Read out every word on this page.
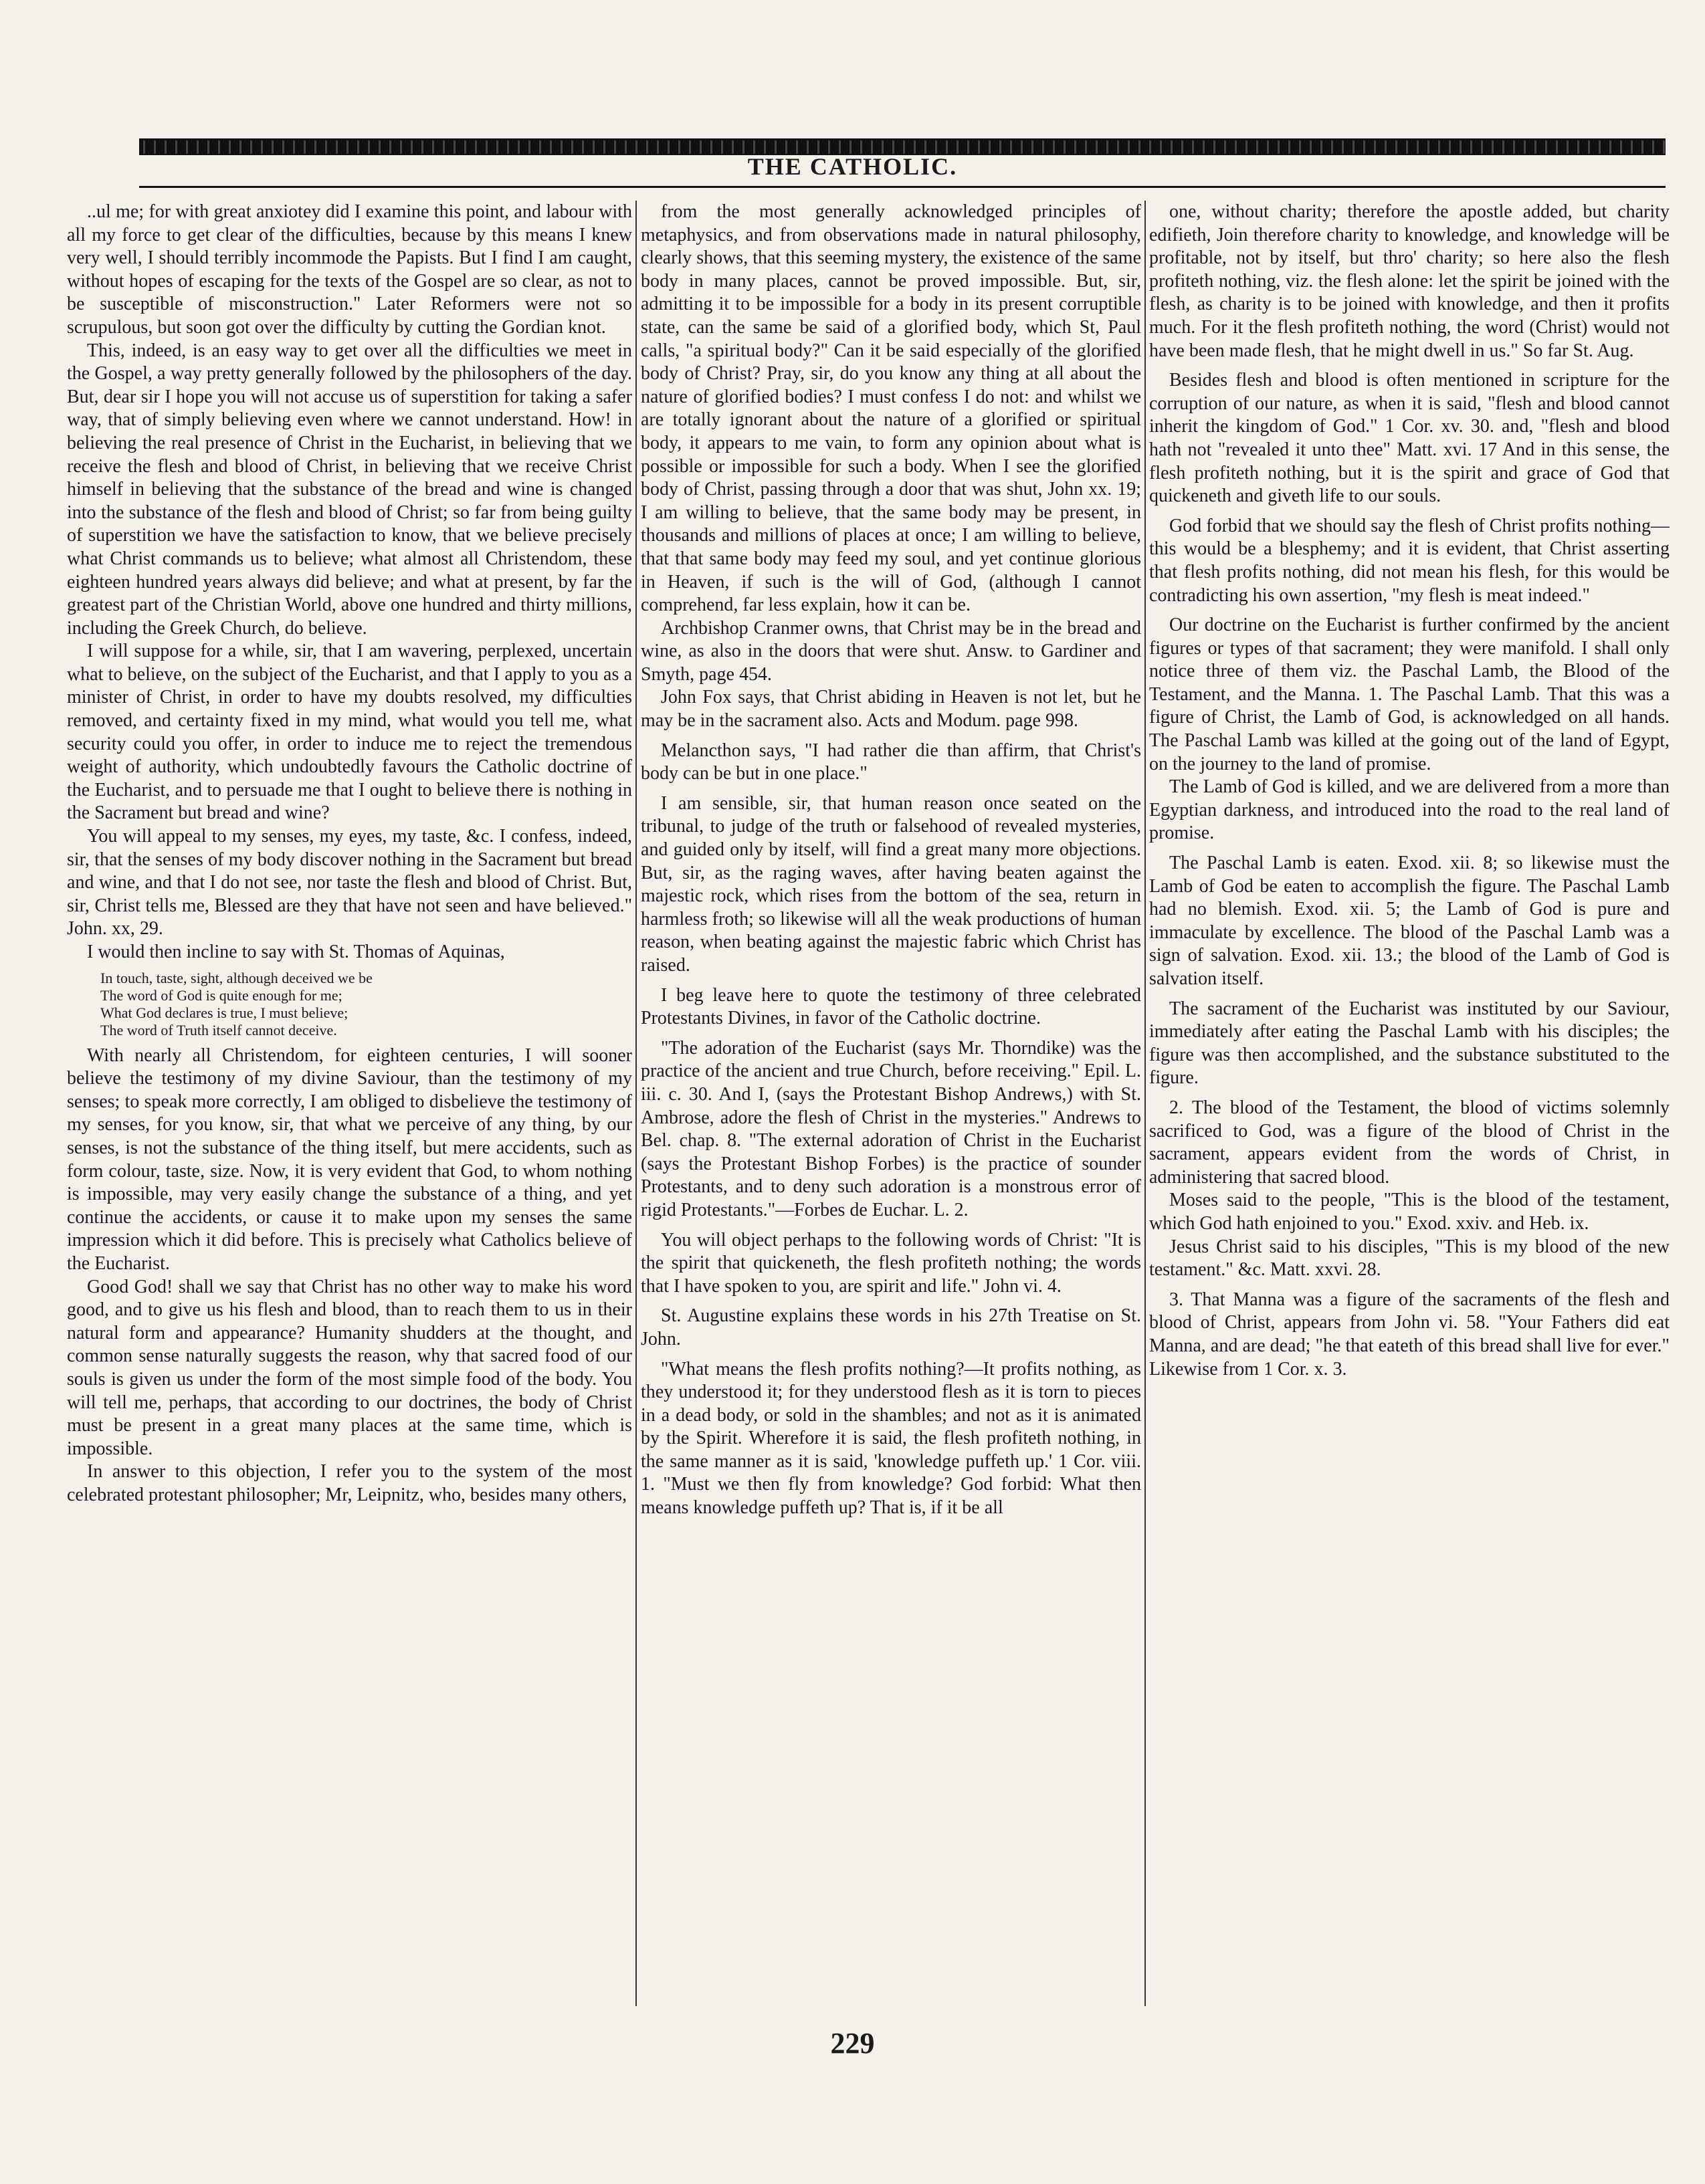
THE CATHOLIC.

..ul me; for with great anxiotey did I examine this point, and labour with all my force to get clear of the difficulties, because by this means I knew very well, I should terribly incommode the Papists. But I find I am caught, without hopes of escaping for the texts of the Gospel are so clear, as not to be susceptible of misconstruction." Later Reformers were not so scrupulous, but soon got over the difficulty by cutting the Gordian knot.

This, indeed, is an easy way to get over all the difficulties we meet in the Gospel, a way pretty generally followed by the philosophers of the day. But, dear sir I hope you will not accuse us of superstition for taking a safer way, that of simply believing even where we cannot understand. How! in believing the real presence of Christ in the Eucharist, in believing that we receive the flesh and blood of Christ, in believing that we receive Christ himself in believing that the substance of the bread and wine is changed into the substance of the flesh and blood of Christ; so far from being guilty of superstition we have the satisfaction to know, that we believe precisely what Christ commands us to believe; what almost all Christendom, these eighteen hundred years always did believe; and what at present, by far the greatest part of the Christian World, above one hundred and thirty millions, including the Greek Church, do believe.

I will suppose for a while, sir, that I am wavering, perplexed, uncertain what to believe, on the subject of the Eucharist, and that I apply to you as a minister of Christ, in order to have my doubts resolved, my difficulties removed, and certainty fixed in my mind, what would you tell me, what security could you offer, in order to induce me to reject the tremendous weight of authority, which undoubtedly favours the Catholic doctrine of the Eucharist, and to persuade me that I ought to believe there is nothing in the Sacrament but bread and wine?

You will appeal to my senses, my eyes, my taste, &c. I confess, indeed, sir, that the senses of my body discover nothing in the Sacrament but bread and wine, and that I do not see, nor taste the flesh and blood of Christ. But, sir, Christ tells me, Blessed are they that have not seen and have believed." John. xx, 29.

I would then incline to say with St. Thomas of Aquinas,

In touch, taste, sight, although deceived we be
The word of God is quite enough for me;
What God declares is true, I must believe;
The word of Truth itself cannot deceive.

With nearly all Christendom, for eighteen centuries, I will sooner believe the testimony of my divine Saviour, than the testimony of my senses; to speak more correctly, I am obliged to disbelieve the testimony of my senses, for you know, sir, that what we perceive of any thing, by our senses, is not the substance of the thing itself, but mere accidents, such as form colour, taste, size. Now, it is very evident that God, to whom nothing is impossible, may very easily change the substance of a thing, and yet continue the accidents, or cause it to make upon my senses the same impression which it did before. This is precisely what Catholics believe of the Eucharist.

Good God! shall we say that Christ has no other way to make his word good, and to give us his flesh and blood, than to reach them to us in their natural form and appearance? Humanity shudders at the thought, and common sense naturally suggests the reason, why that sacred food of our souls is given us under the form of the most simple food of the body. You will tell me, perhaps, that according to our doctrines, the body of Christ must be present in a great many places at the same time, which is impossible.

In answer to this objection, I refer you to the system of the most celebrated protestant philosopher; Mr, Leipnitz, who, besides many others,

from the most generally acknowledged principles of metaphysics, and from observations made in natural philosophy, clearly shows, that this seeming mystery, the existence of the same body in many places, cannot be proved impossible. But, sir, admitting it to be impossible for a body in its present corruptible state, can the same be said of a glorified body, which St, Paul calls, "a spiritual body?" Can it be said especially of the glorified body of Christ? Pray, sir, do you know any thing at all about the nature of glorified bodies? I must confess I do not: and whilst we are totally ignorant about the nature of a glorified or spiritual body, it appears to me vain, to form any opinion about what is possible or impossible for such a body. When I see the glorified body of Christ, passing through a door that was shut, John xx. 19; I am willing to believe, that the same body may be present, in thousands and millions of places at once; I am willing to believe, that that same body may feed my soul, and yet continue glorious in Heaven, if such is the will of God, (although I cannot comprehend, far less explain, how it can be.

Archbishop Cranmer owns, that Christ may be in the bread and wine, as also in the doors that were shut. Answ. to Gardiner and Smyth, page 454.

John Fox says, that Christ abiding in Heaven is not let, but he may be in the sacrament also. Acts and Modum. page 998.

Melancthon says, "I had rather die than affirm, that Christ's body can be but in one place."

I am sensible, sir, that human reason once seated on the tribunal, to judge of the truth or falsehood of revealed mysteries, and guided only by itself, will find a great many more objections. But, sir, as the raging waves, after having beaten against the majestic rock, which rises from the bottom of the sea, return in harmless froth; so likewise will all the weak productions of human reason, when beating against the majestic fabric which Christ has raised.

I beg leave here to quote the testimony of three celebrated Protestants Divines, in favor of the Catholic doctrine.

"The adoration of the Eucharist (says Mr. Thorndike) was the practice of the ancient and true Church, before receiving." Epil. L. iii. c. 30. And I, (says the Protestant Bishop Andrews,) with St. Ambrose, adore the flesh of Christ in the mysteries." Andrews to Bel. chap. 8. "The external adoration of Christ in the Eucharist (says the Protestant Bishop Forbes) is the practice of sounder Protestants, and to deny such adoration is a monstrous error of rigid Protestants."—Forbes de Euchar. L. 2.

You will object perhaps to the following words of Christ: "It is the spirit that quickeneth, the flesh profiteth nothing; the words that I have spoken to you, are spirit and life." John vi. 4.

St. Augustine explains these words in his 27th Treatise on St. John.

"What means the flesh profits nothing?—It profits nothing, as they understood it; for they understood flesh as it is torn to pieces in a dead body, or sold in the shambles; and not as it is animated by the Spirit. Wherefore it is said, the flesh profiteth nothing, in the same manner as it is said, 'knowledge puffeth up.' 1 Cor. viii. 1. "Must we then fly from knowledge? God forbid: What then means knowledge puffeth up? That is, if it be all

one, without charity; therefore the apostle added, but charity edifieth, Join therefore charity to knowledge, and knowledge will be profitable, not by itself, but thro' charity; so here also the flesh profiteth nothing, viz. the flesh alone: let the spirit be joined with the flesh, as charity is to be joined with knowledge, and then it profits much. For it the flesh profiteth nothing, the word (Christ) would not have been made flesh, that he might dwell in us." So far St. Aug.

Besides flesh and blood is often mentioned in scripture for the corruption of our nature, as when it is said, "flesh and blood cannot inherit the kingdom of God." 1 Cor. xv. 30. and, "flesh and blood hath not "revealed it unto thee" Matt. xvi. 17 And in this sense, the flesh profiteth nothing, but it is the spirit and grace of God that quickeneth and giveth life to our souls.

God forbid that we should say the flesh of Christ profits nothing—this would be a blesphemy; and it is evident, that Christ asserting that flesh profits nothing, did not mean his flesh, for this would be contradicting his own assertion, "my flesh is meat indeed."

Our doctrine on the Eucharist is further confirmed by the ancient figures or types of that sacrament; they were manifold. I shall only notice three of them viz. the Paschal Lamb, the Blood of the Testament, and the Manna. 1. The Paschal Lamb. That this was a figure of Christ, the Lamb of God, is acknowledged on all hands. The Paschal Lamb was killed at the going out of the land of Egypt, on the journey to the land of promise.

The Lamb of God is killed, and we are delivered from a more than Egyptian darkness, and introduced into the road to the real land of promise.

The Paschal Lamb is eaten. Exod. xii. 8; so likewise must the Lamb of God be eaten to accomplish the figure. The Paschal Lamb had no blemish. Exod. xii. 5; the Lamb of God is pure and immaculate by excellence. The blood of the Paschal Lamb was a sign of salvation. Exod. xii. 13.; the blood of the Lamb of God is salvation itself.

The sacrament of the Eucharist was instituted by our Saviour, immediately after eating the Paschal Lamb with his disciples; the figure was then accomplished, and the substance substituted to the figure.

2. The blood of the Testament, the blood of victims solemnly sacrificed to God, was a figure of the blood of Christ in the sacrament, appears evident from the words of Christ, in administering that sacred blood.

Moses said to the people, "This is the blood of the testament, which God hath enjoined to you." Exod. xxiv. and Heb. ix.

Jesus Christ said to his disciples, "This is my blood of the new testament." &c. Matt. xxvi. 28.

3. That Manna was a figure of the sacraments of the flesh and blood of Christ, appears from John vi. 58. "Your Fathers did eat Manna, and are dead; "he that eateth of this bread shall live for ever." Likewise from 1 Cor. x. 3.

229
